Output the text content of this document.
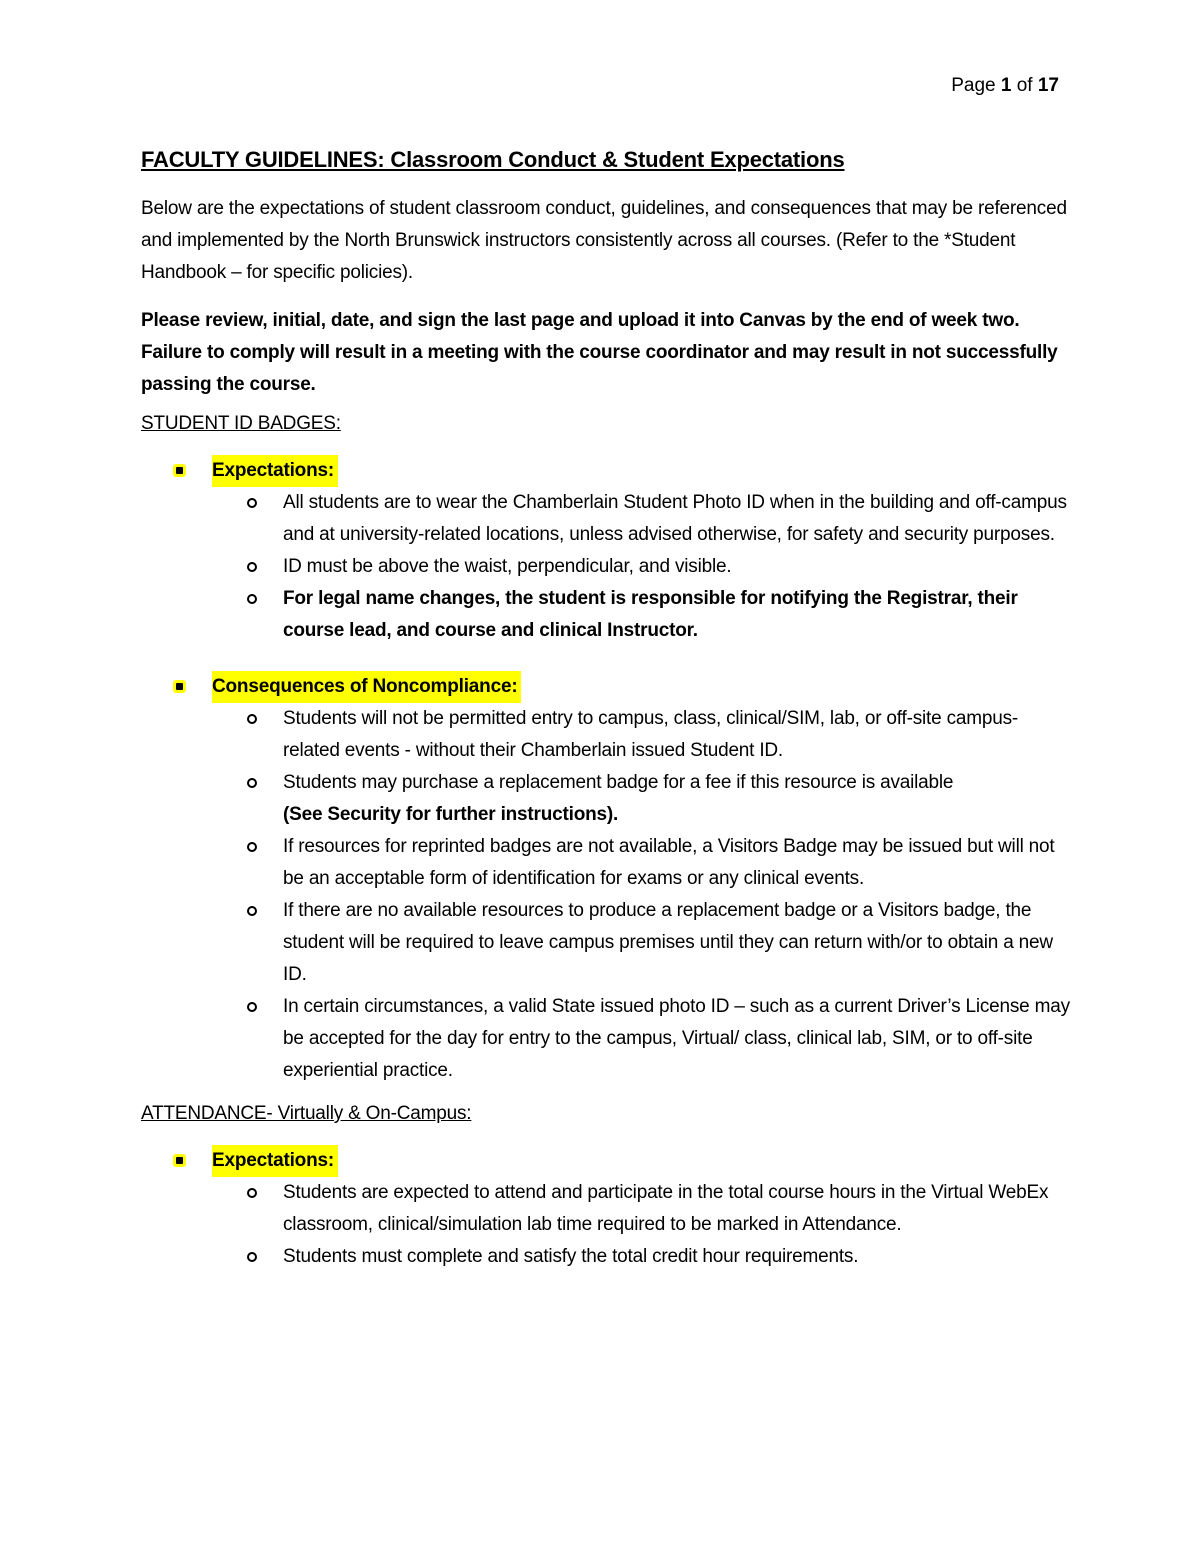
Page 1 of 17
FACULTY GUIDELINES: Classroom Conduct & Student Expectations

Below are the expectations of student classroom conduct, guidelines, and consequences that may be referenced and implemented by the North Brunswick instructors consistently across all courses. (Refer to the *Student Handbook – for specific policies).

Please review, initial, date, and sign the last page and upload it into Canvas by the end of week two. Failure to comply will result in a meeting with the course coordinator and may result in not successfully passing the course.

STUDENT ID BADGES:
Expectations:
All students are to wear the Chamberlain Student Photo ID when in the building and off-campus and at university-related locations, unless advised otherwise, for safety and security purposes.
ID must be above the waist, perpendicular, and visible.
For legal name changes, the student is responsible for notifying the Registrar, their course lead, and course and clinical Instructor.
Consequences of Noncompliance:
Students will not be permitted entry to campus, class, clinical/SIM, lab, or off-site campus-related events - without their Chamberlain issued Student ID.
Students may purchase a replacement badge for a fee if this resource is available
(See Security for further instructions).
If resources for reprinted badges are not available, a Visitors Badge may be issued but will not be an acceptable form of identification for exams or any clinical events.
If there are no available resources to produce a replacement badge or a Visitors badge, the student will be required to leave campus premises until they can return with/or to obtain a new ID.
In certain circumstances, a valid State issued photo ID – such as a current Driver’s License may be accepted for the day for entry to the campus, Virtual/ class, clinical lab, SIM, or to off-site experiential practice.
ATTENDANCE- Virtually & On-Campus:
Expectations:
Students are expected to attend and participate in the total course hours in the Virtual WebEx classroom, clinical/simulation lab time required to be marked in Attendance.
Students must complete and satisfy the total credit hour requirements.
